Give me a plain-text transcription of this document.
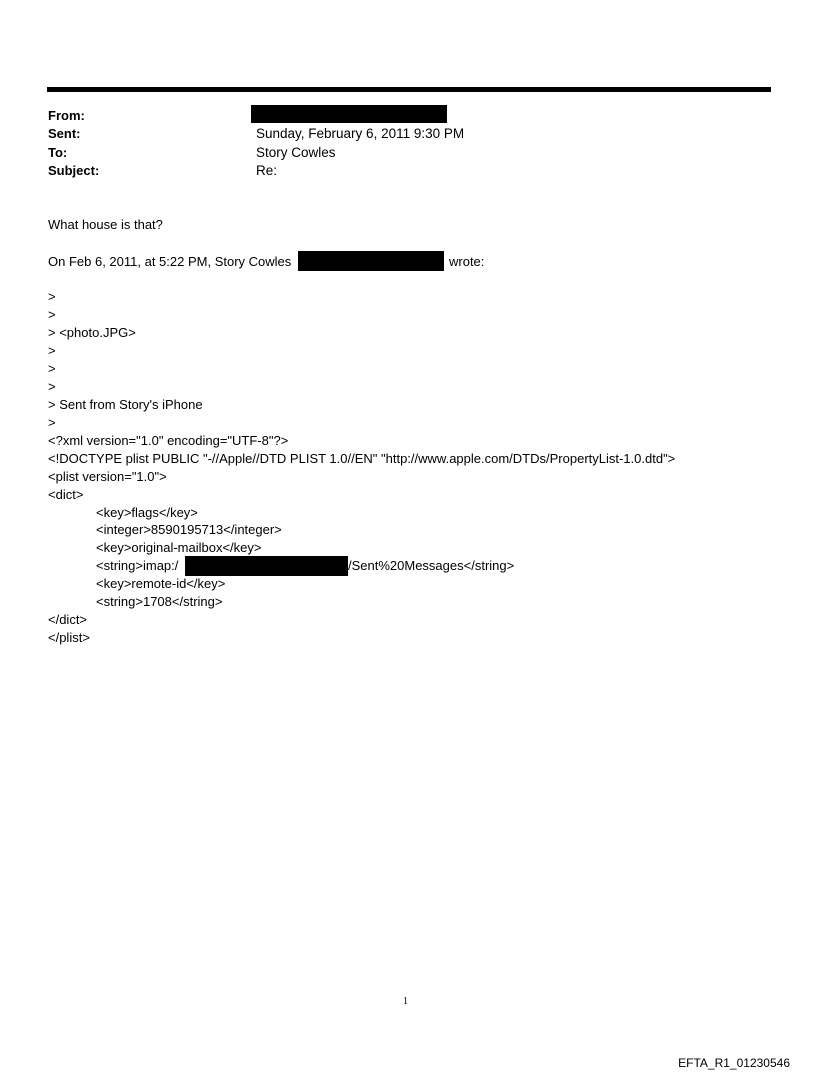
From:
Sent:	Sunday, February 6, 2011 9:30 PM
To:	Story Cowles
Subject:	Re:
What house is that?
On Feb 6, 2011, at 5:22 PM, Story Cowles	wrote:
>
>
> <photo.JPG>
>
>
>
> Sent from Story's iPhone
>
<?xml version="1.0" encoding="UTF-8"?>
<!DOCTYPE plist PUBLIC "-//Apple//DTD PLIST 1.0//EN" "http://www.apple.com/DTDs/PropertyList-1.0.dtd">
<plist version="1.0">
<dict>
<key>flags</key>
<integer>8590195713</integer>
<key>original-mailbox</key>
<string>imap:/	/Sent%20Messages</string>
<key>remote-id</key>
<string>1708</string>
</dict>
</plist>
1
EFTA_R1_01230546
